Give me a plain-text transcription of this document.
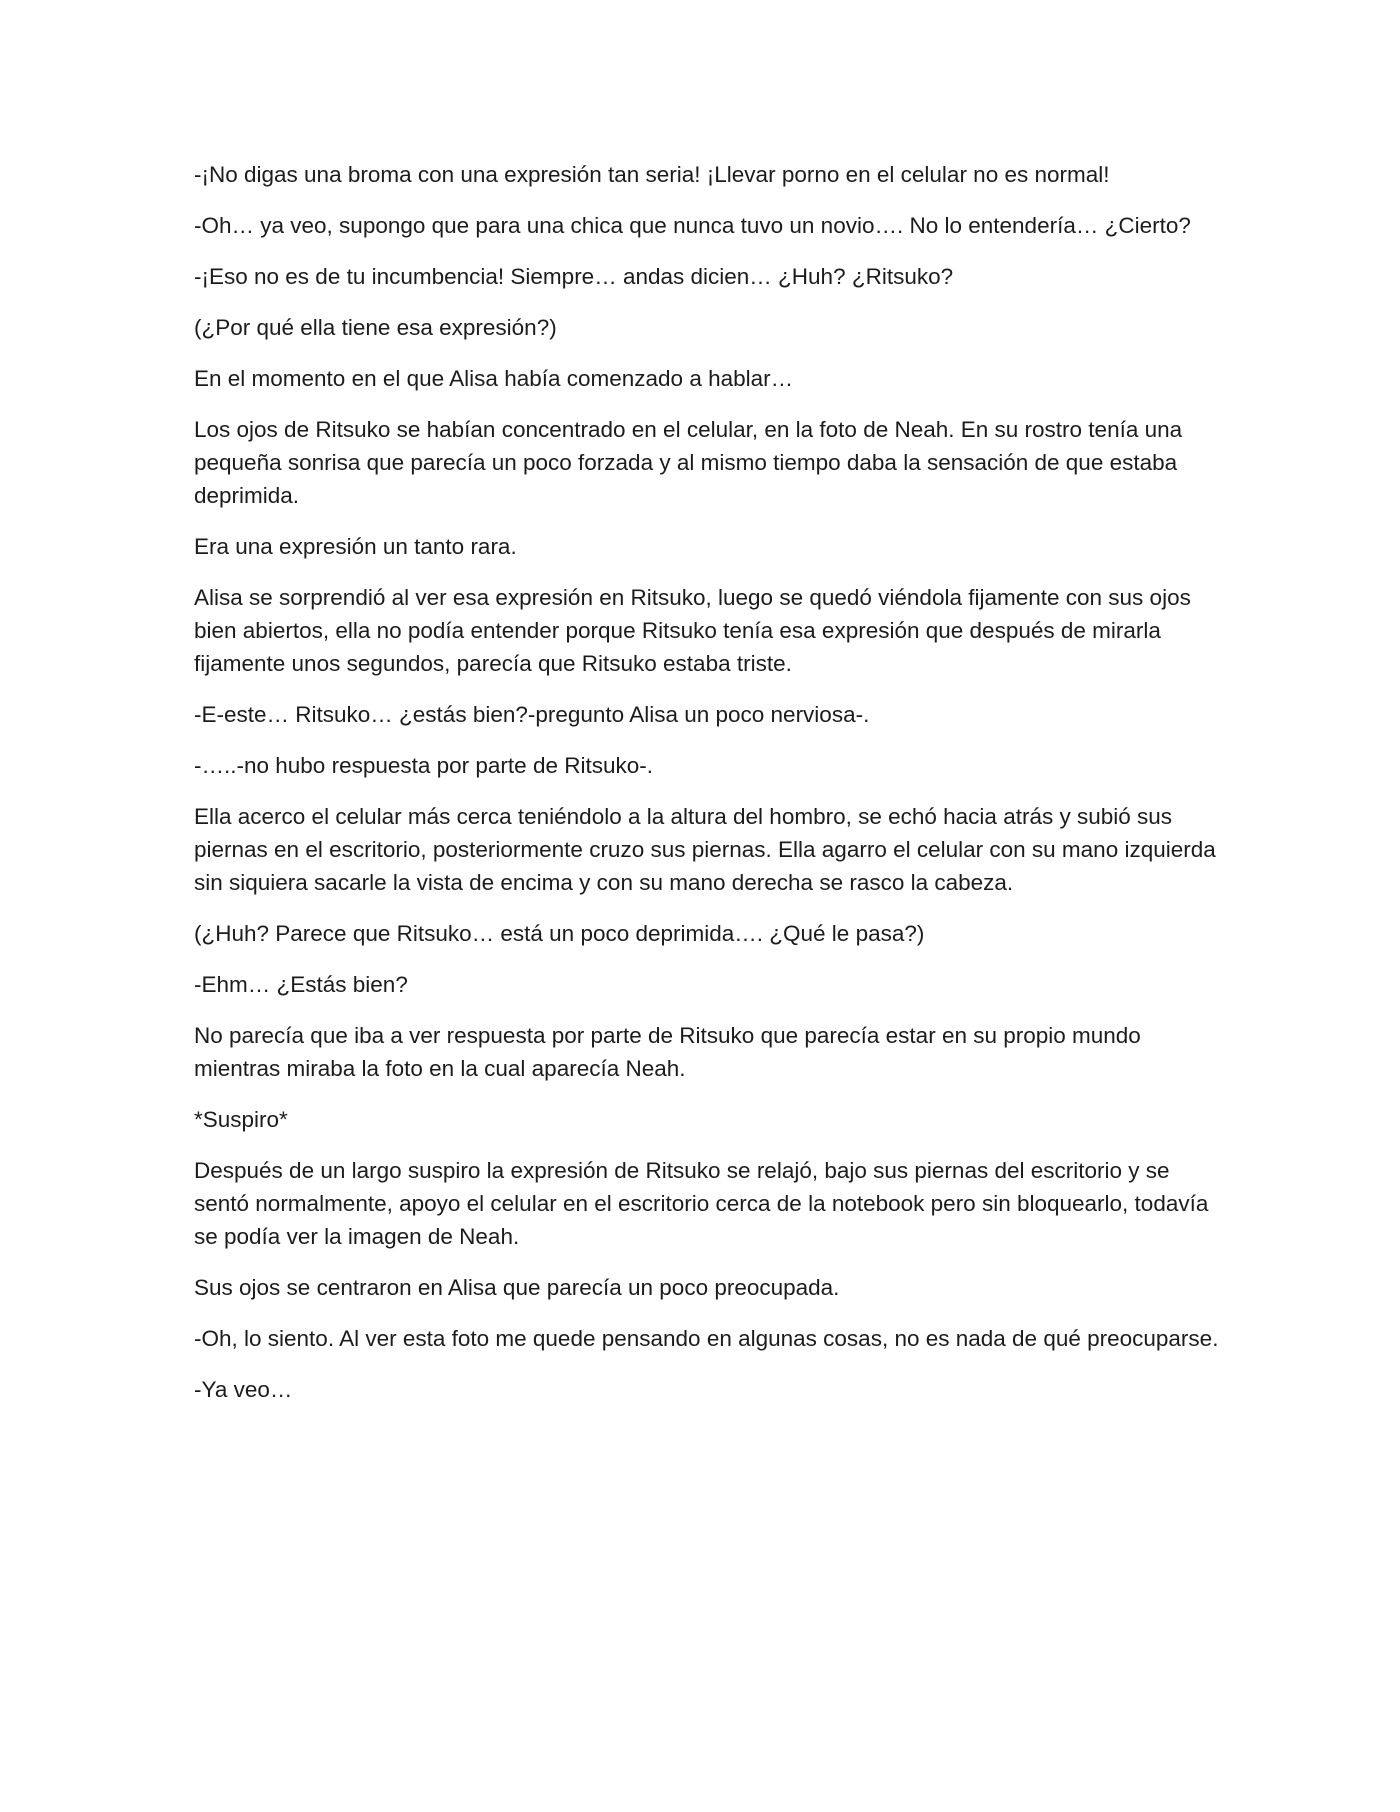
-¡No digas una broma con una expresión tan seria! ¡Llevar porno en el celular no es normal!

-Oh… ya veo, supongo que para una chica que nunca tuvo un novio…. No lo entendería… ¿Cierto?

-¡Eso no es de tu incumbencia! Siempre… andas dicien… ¿Huh? ¿Ritsuko?

(¿Por qué ella tiene esa expresión?)

En el momento en el que Alisa había comenzado a hablar…

Los ojos de Ritsuko se habían concentrado en el celular, en la foto de Neah. En su rostro tenía una pequeña sonrisa que parecía un poco forzada y al mismo tiempo daba la sensación de que estaba deprimida.

Era una expresión un tanto rara.

Alisa se sorprendió al ver esa expresión en Ritsuko, luego se quedó viéndola fijamente con sus ojos bien abiertos, ella no podía entender porque Ritsuko tenía esa expresión que después de mirarla fijamente unos segundos, parecía que Ritsuko estaba triste.

-E-este… Ritsuko… ¿estás bien?-pregunto Alisa un poco nerviosa-.

-…..-no hubo respuesta por parte de Ritsuko-.

Ella acerco el celular más cerca teniéndolo a la altura del hombro, se echó hacia atrás y subió sus piernas en el escritorio, posteriormente cruzo sus piernas. Ella agarro el celular con su mano izquierda sin siquiera sacarle la vista de encima y con su mano derecha se rasco la cabeza.

(¿Huh? Parece que Ritsuko… está un poco deprimida…. ¿Qué le pasa?)

-Ehm… ¿Estás bien?

No parecía que iba a ver respuesta por parte de Ritsuko que parecía estar en su propio mundo mientras miraba la foto en la cual aparecía Neah.

*Suspiro*

Después de un largo suspiro la expresión de Ritsuko se relajó, bajo sus piernas del escritorio y se sentó normalmente, apoyo el celular en el escritorio cerca de la notebook pero sin bloquearlo, todavía se podía ver la imagen de Neah.

Sus ojos se centraron en Alisa que parecía un poco preocupada.

-Oh, lo siento. Al ver esta foto me quede pensando en algunas cosas, no es nada de qué preocuparse.

-Ya veo…
